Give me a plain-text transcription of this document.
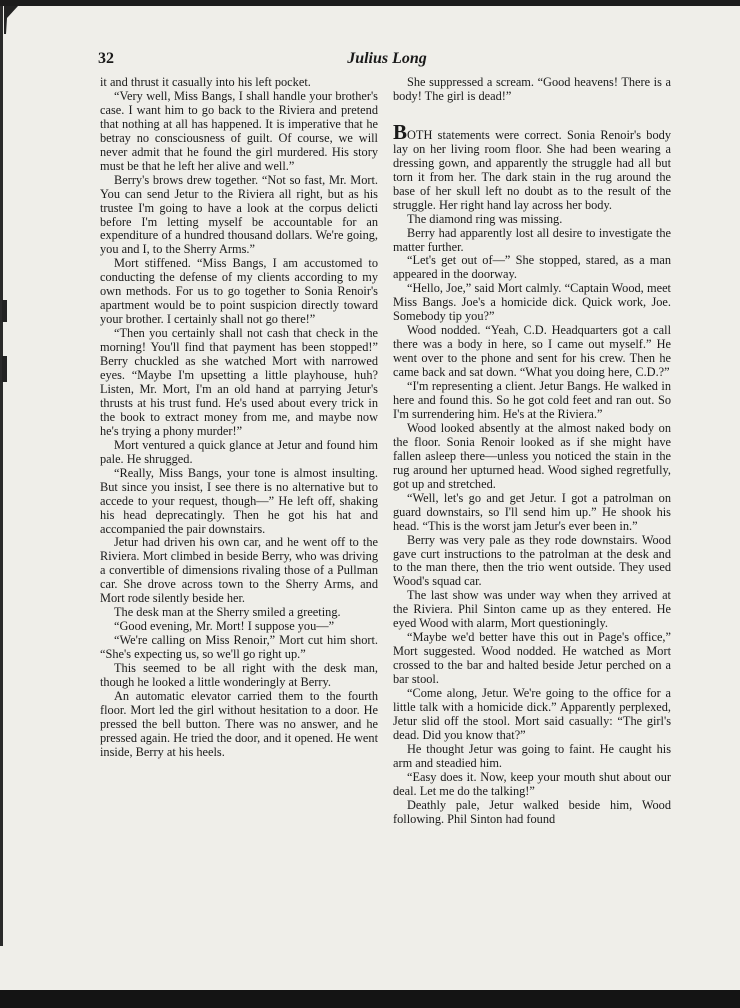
32	Julius Long

it and thrust it casually into his left pocket.

“Very well, Miss Bangs, I shall handle your brother's case. I want him to go back to the Riviera and pretend that nothing at all has happened. It is imperative that he betray no consciousness of guilt. Of course, we will never admit that he found the girl murdered. His story must be that he left her alive and well.”

Berry's brows drew together. “Not so fast, Mr. Mort. You can send Jetur to the Riviera all right, but as his trustee I'm going to have a look at the corpus delicti before I'm letting myself be accountable for an expenditure of a hundred thousand dollars. We're going, you and I, to the Sherry Arms.”

Mort stiffened. “Miss Bangs, I am accustomed to conducting the defense of my clients according to my own methods. For us to go together to Sonia Renoir's apartment would be to point suspicion directly toward your brother. I certainly shall not go there!”

“Then you certainly shall not cash that check in the morning! You'll find that payment has been stopped!” Berry chuckled as she watched Mort with narrowed eyes. “Maybe I'm upsetting a little playhouse, huh? Listen, Mr. Mort, I'm an old hand at parrying Jetur's thrusts at his trust fund. He's used about every trick in the book to extract money from me, and maybe now he's trying a phony murder!”

Mort ventured a quick glance at Jetur and found him pale. He shrugged.

“Really, Miss Bangs, your tone is almost insulting. But since you insist, I see there is no alternative but to accede to your request, though—” He left off, shaking his head deprecatingly. Then he got his hat and accompanied the pair downstairs.

Jetur had driven his own car, and he went off to the Riviera. Mort climbed in beside Berry, who was driving a convertible of dimensions rivaling those of a Pullman car. She drove across town to the Sherry Arms, and Mort rode silently beside her.

The desk man at the Sherry smiled a greeting.

“Good evening, Mr. Mort! I suppose you—”

“We're calling on Miss Renoir,” Mort cut him short. “She's expecting us, so we'll go right up.”

This seemed to be all right with the desk man, though he looked a little wonderingly at Berry.

An automatic elevator carried them to the fourth floor. Mort led the girl without hesitation to a door. He pressed the bell button. There was no answer, and he pressed again. He tried the door, and it opened. He went inside, Berry at his heels.

She suppressed a scream. “Good heavens! There is a body! The girl is dead!”

BOTH statements were correct. Sonia Renoir's body lay on her living room floor. She had been wearing a dressing gown, and apparently the struggle had all but torn it from her. The dark stain in the rug around the base of her skull left no doubt as to the result of the struggle. Her right hand lay across her body.

The diamond ring was missing.

Berry had apparently lost all desire to investigate the matter further.

“Let's get out of—” She stopped, stared, as a man appeared in the doorway.

“Hello, Joe,” said Mort calmly. “Captain Wood, meet Miss Bangs. Joe's a homicide dick. Quick work, Joe. Somebody tip you?”

Wood nodded. “Yeah, C.D. Headquarters got a call there was a body in here, so I came out myself.” He went over to the phone and sent for his crew. Then he came back and sat down. “What you doing here, C.D.?”

“I'm representing a client. Jetur Bangs. He walked in here and found this. So he got cold feet and ran out. So I'm surrendering him. He's at the Riviera.”

Wood looked absently at the almost naked body on the floor. Sonia Renoir looked as if she might have fallen asleep there—unless you noticed the stain in the rug around her upturned head. Wood sighed regretfully, got up and stretched.

“Well, let's go and get Jetur. I got a patrolman on guard downstairs, so I'll send him up.” He shook his head. “This is the worst jam Jetur's ever been in.”

Berry was very pale as they rode downstairs. Wood gave curt instructions to the patrolman at the desk and to the man there, then the trio went outside. They used Wood's squad car.

The last show was under way when they arrived at the Riviera. Phil Sinton came up as they entered. He eyed Wood with alarm, Mort questioningly.

“Maybe we'd better have this out in Page's office,” Mort suggested. Wood nodded. He watched as Mort crossed to the bar and halted beside Jetur perched on a bar stool.

“Come along, Jetur. We're going to the office for a little talk with a homicide dick.” Apparently perplexed, Jetur slid off the stool. Mort said casually: “The girl's dead. Did you know that?”

He thought Jetur was going to faint. He caught his arm and steadied him.

“Easy does it. Now, keep your mouth shut about our deal. Let me do the talking!”

Deathly pale, Jetur walked beside him, Wood following. Phil Sinton had found
